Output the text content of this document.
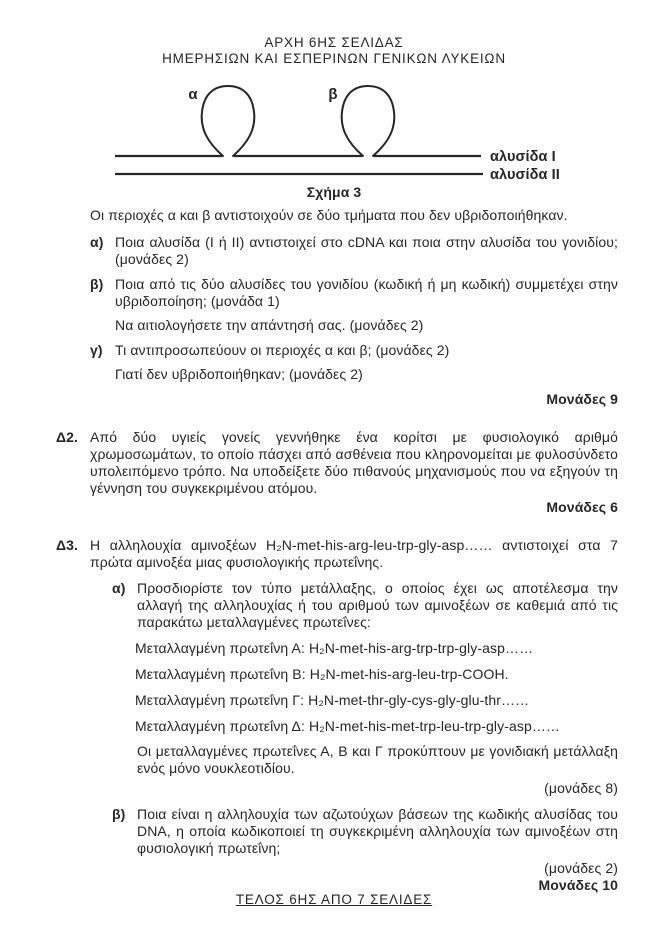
ΑΡΧΗ 6ΗΣ ΣΕΛΙΔΑΣ
ΗΜΕΡΗΣΙΩΝ ΚΑΙ ΕΣΠΕΡΙΝΩΝ ΓΕΝΙΚΩΝ ΛΥΚΕΙΩΝ
α	β
αλυσίδα I
αλυσίδα II
Σχήμα 3

Οι περιοχές α και β αντιστοιχούν σε δύο τμήματα που δεν υβριδοποιήθηκαν.

α) Ποια αλυσίδα (I ή II) αντιστοιχεί στο cDNA και ποια στην αλυσίδα του γονιδίου; (μονάδες 2)

β) Ποια από τις δύο αλυσίδες του γονιδίου (κωδική ή μη κωδική) συμμετέχει στην υβριδοποίηση; (μονάδα 1)

Να αιτιολογήσετε την απάντησή σας. (μονάδες 2)

γ) Τι αντιπροσωπεύουν οι περιοχές α και β; (μονάδες 2)

Γιατί δεν υβριδοποιήθηκαν; (μονάδες 2)

Μονάδες 9
Δ2. Από δύο υγιείς γονείς γεννήθηκε ένα κορίτσι με φυσιολογικό αριθμό χρωμοσωμάτων, το οποίο πάσχει από ασθένεια που κληρονομείται με φυλοσύνδετο υπολειπόμενο τρόπο. Να υποδείξετε δύο πιθανούς μηχανισμούς που να εξηγούν τη γέννηση του συγκεκριμένου ατόμου.

Μονάδες 6
Δ3. Η αλληλουχία αμινοξέων H₂N-met-his-arg-leu-trp-gly-asp…… αντιστοιχεί στα 7 πρώτα αμινοξέα μιας φυσιολογικής πρωτεΐνης.

α) Προσδιορίστε τον τύπο μετάλλαξης, ο οποίος έχει ως αποτέλεσμα την αλλαγή της αλληλουχίας ή του αριθμού των αμινοξέων σε καθεμιά από τις παρακάτω μεταλλαγμένες πρωτεΐνες:

Μεταλλαγμένη πρωτεΐνη Α: H₂N-met-his-arg-trp-trp-gly-asp……
Μεταλλαγμένη πρωτεΐνη Β: H₂N-met-his-arg-leu-trp-COOH.
Μεταλλαγμένη πρωτεΐνη Γ: H₂N-met-thr-gly-cys-gly-glu-thr……
Μεταλλαγμένη πρωτεΐνη Δ: H₂N-met-his-met-trp-leu-trp-gly-asp……

Οι μεταλλαγμένες πρωτεΐνες Α, Β και Γ προκύπτουν με γονιδιακή μετάλλαξη ενός μόνο νουκλεοτιδίου.

(μονάδες 8)
β) Ποια είναι η αλληλουχία των αζωτούχων βάσεων της κωδικής αλυσίδας του DNA, η οποία κωδικοποιεί τη συγκεκριμένη αλληλουχία των αμινοξέων στη φυσιολογική πρωτεΐνη;

(μονάδες 2)
Μονάδες 10
ΤΕΛΟΣ 6ΗΣ ΑΠΟ 7 ΣΕΛΙΔΕΣ
